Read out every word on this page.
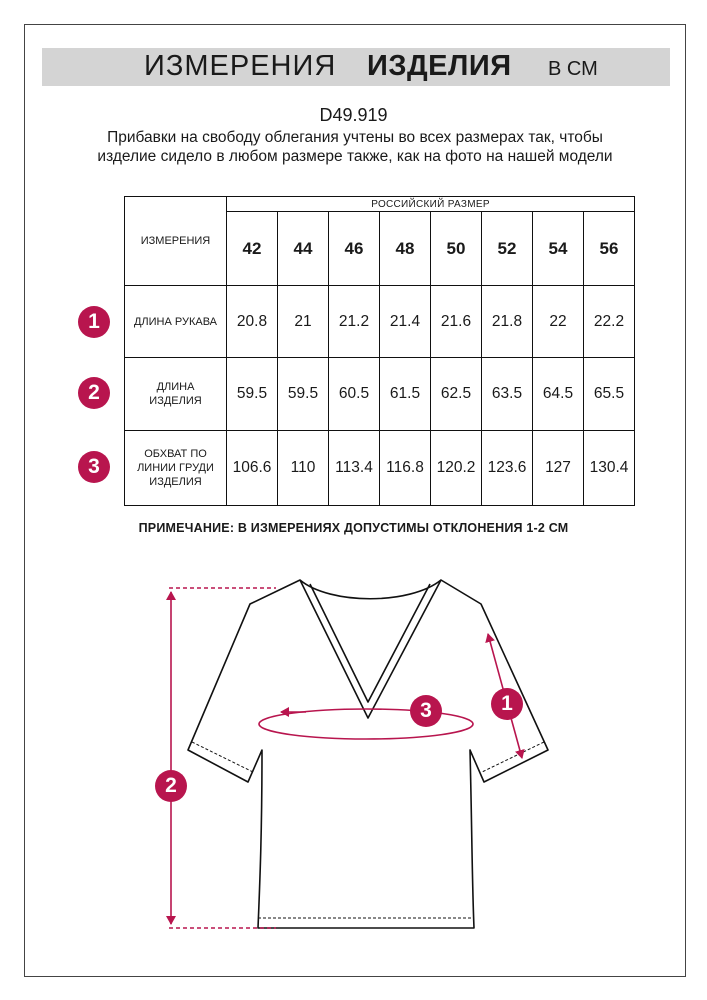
ИЗМЕРЕНИЯ ИЗДЕЛИЯ В СМ
D49.919
Прибавки на свободу облегания учтены во всех размерах так, чтобы изделие сидело в любом размере также, как на фото на нашей модели
ИЗМЕРЕНИЯ	РОССИЙСКИЙ РАЗМЕР							
	42	44	46	48	50	52	54	56
ДЛИНА РУКАВА	20.8	21	21.2	21.4	21.6	21.8	22	22.2
ДЛИНА ИЗДЕЛИЯ	59.5	59.5	60.5	61.5	62.5	63.5	64.5	65.5
ОБХВАТ ПО ЛИНИИ ГРУДИ ИЗДЕЛИЯ	106.6	110	113.4	116.8	120.2	123.6	127	130.4
1
2
3
ПРИМЕЧАНИЕ: В ИЗМЕРЕНИЯХ ДОПУСТИМЫ ОТКЛОНЕНИЯ 1-2 СМ
1
2
3
